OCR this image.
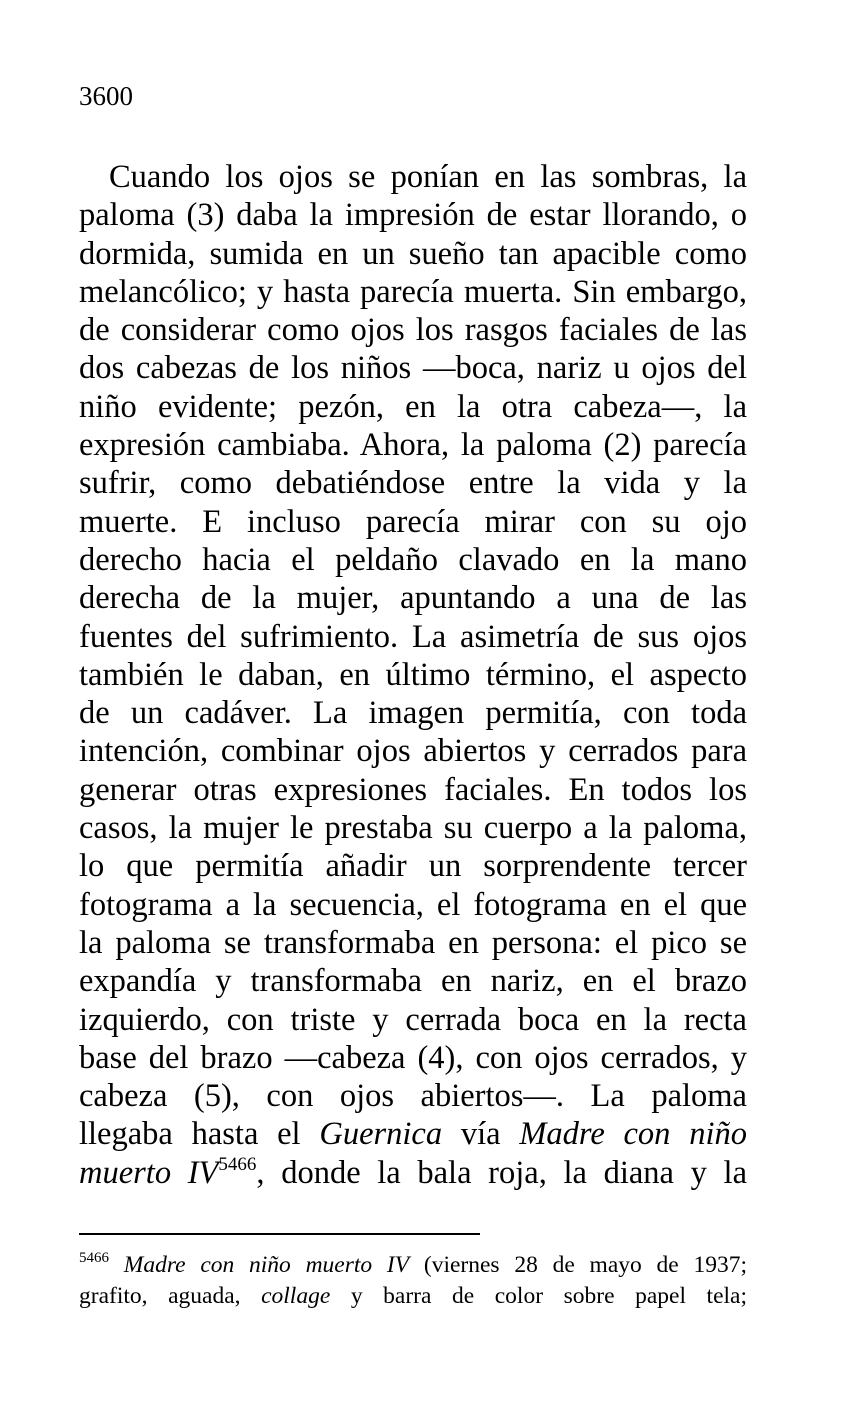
3600
Cuando los ojos se ponían en las sombras, la
paloma (3) daba la impresión de estar llorando, o
dormida, sumida en un sueño tan apacible como
melancólico; y hasta parecía muerta. Sin embargo,
de considerar como ojos los rasgos faciales de las
dos cabezas de los niños —boca, nariz u ojos del
niño evidente; pezón, en la otra cabeza—, la
expresión cambiaba. Ahora, la paloma (2) parecía
sufrir, como debatiéndose entre la vida y la
muerte. E incluso parecía mirar con su ojo
derecho hacia el peldaño clavado en la mano
derecha de la mujer, apuntando a una de las
fuentes del sufrimiento. La asimetría de sus ojos
también le daban, en último término, el aspecto
de un cadáver. La imagen permitía, con toda
intención, combinar ojos abiertos y cerrados para
generar otras expresiones faciales. En todos los
casos, la mujer le prestaba su cuerpo a la paloma,
lo que permitía añadir un sorprendente tercer
fotograma a la secuencia, el fotograma en el que
la paloma se transformaba en persona: el pico se
expandía y transformaba en nariz, en el brazo
izquierdo, con triste y cerrada boca en la recta
base del brazo —cabeza (4), con ojos cerrados, y
cabeza (5), con ojos abiertos—. La paloma
llegaba hasta el Guernica vía Madre con niño
muerto $IV^{5466}$, donde la bala roja, la diana y la
$^{5466}$ Madre con niño muerto IV (viernes 28 de mayo de 1937;
grafito, aguada, collage y barra de color sobre papel tela;
